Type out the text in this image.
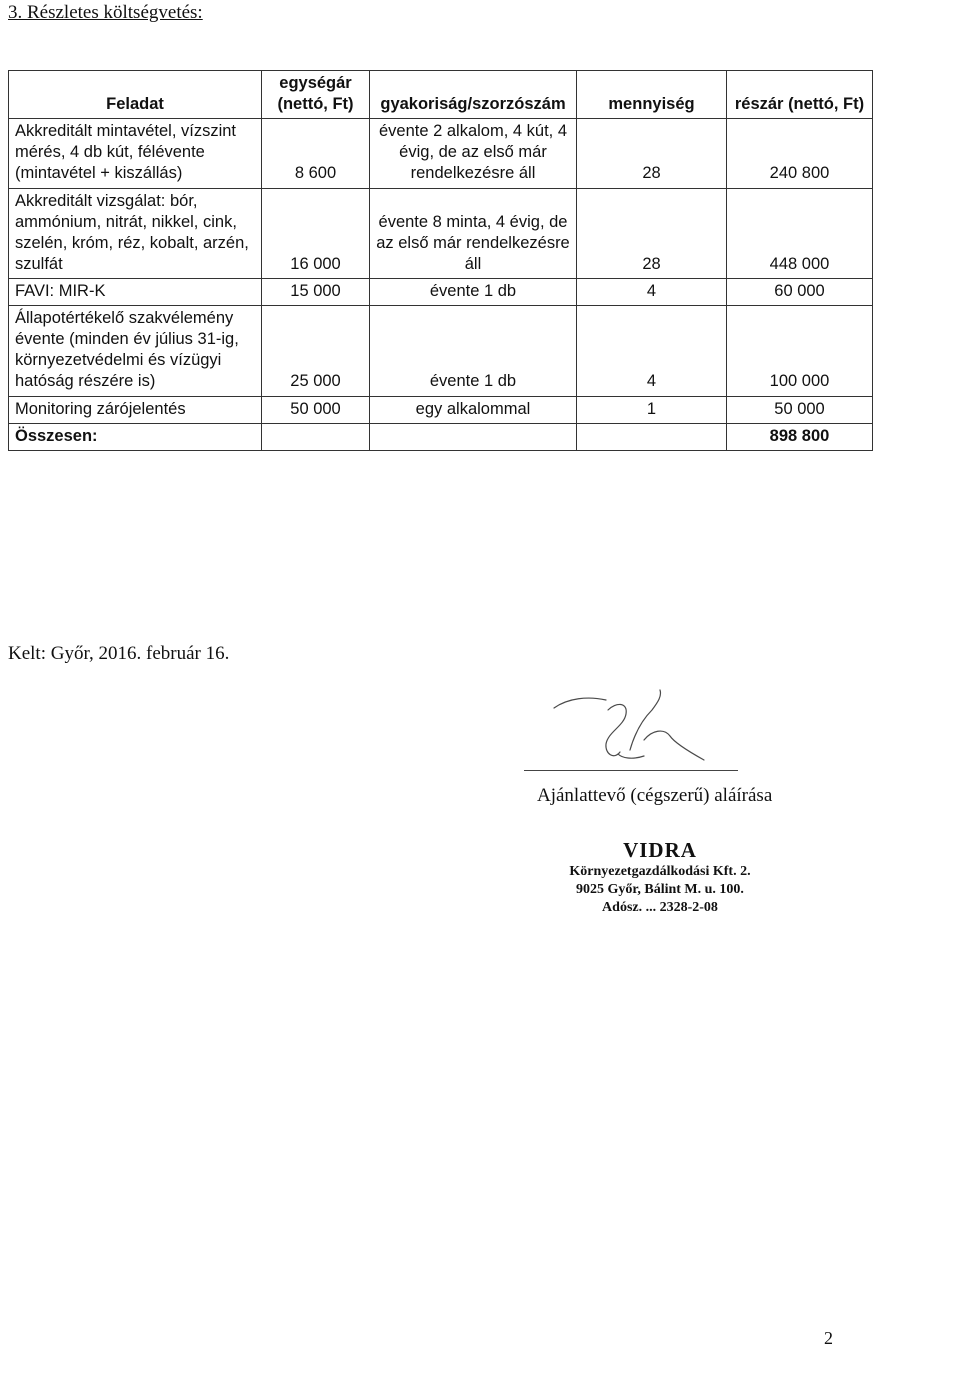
3. Részletes költségvetés:
Feladat	egységár (nettó, Ft)	gyakoriság/szorzószám	mennyiség	részár (nettó, Ft)
Akkreditált mintavétel, vízszint mérés, 4 db kút, félévente (mintavétel + kiszállás)	8 600	évente 2 alkalom, 4 kút, 4 évig, de az első már rendelkezésre áll	28	240 800
Akkreditált vizsgálat: bór, ammónium, nitrát, nikkel, cink, szelén, króm, réz, kobalt, arzén, szulfát	16 000	évente 8 minta, 4 évig, de az első már rendelkezésre áll	28	448 000
FAVI: MIR-K	15 000	évente 1 db	4	60 000
Állapotértékelő szakvélemény évente (minden év július 31-ig, környezetvédelmi és vízügyi hatóság részére is)	25 000	évente 1 db	4	100 000
Monitoring zárójelentés	50 000	egy alkalommal	1	50 000
Összesen:				898 800
Kelt: Győr, 2016. február 16.
Ajánlattevő (cégszerű) aláírása
VIDRA
Környezetgazdálkodási Kft. 2.
9025 Győr, Bálint M. u. 100.
Adósz. ... 2328-2-08
2
